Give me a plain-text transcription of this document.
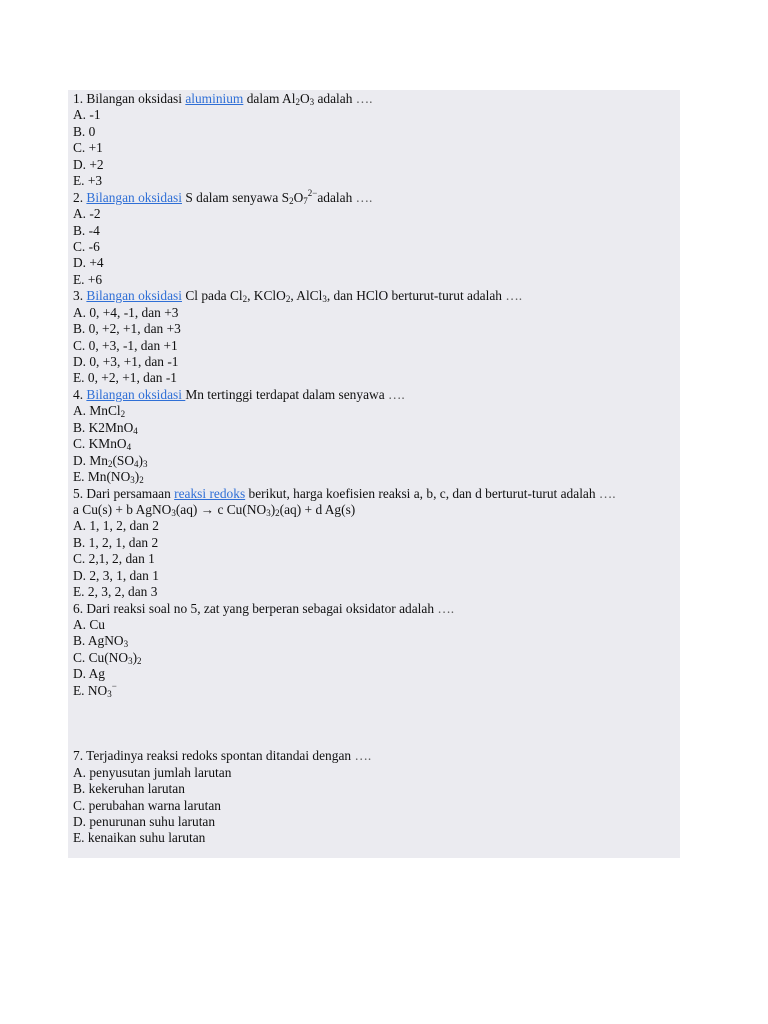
1. Bilangan oksidasi aluminium dalam $Al_2O_3$ adalah ….
A. -1
B. 0
C. +1
D. +2
E. +3
2. Bilangan oksidasi S dalam senyawa $S_2O_7^{2-}adalah$ ….
A. -2
B. -4
C. -6
D. +4
E. +6
3. Bilangan oksidasi Cl pada $Cl_2$, KClO$_2$, AlCl$_3$, dan HClO berturut-turut adalah ….
A. 0, +4, -1, dan +3
B. 0, +2, +1, dan +3
C. 0, +3, -1, dan +1
D. 0, +3, +1, dan -1
E. 0, +2, +1, dan -1
4. Bilangan oksidasi Mn tertinggi terdapat dalam senyawa ….
A. MnCl$_2$
B. K2MnO$_4$
C. KMnO$_4$
D. $Mn_2(SO_4)_3$
E. $Mn(NO_3)_2$
5. Dari persamaan reaksi redoks berikut, harga koefisien reaksi a, b, c, dan d berturut-turut adalah ….
a Cu(s) + b AgNO$_3$(aq) → c $Cu(NO_3)_2(aq) + d$ Ag(s)
A. 1, 1, 2, dan 2
B. 1, 2, 1, dan 2
C. 2,1, 2, dan 1
D. 2, 3, 1, dan 1
E. 2, 3, 2, dan 3
6. Dari reaksi soal no 5, zat yang berperan sebagai oksidator adalah ….
A. Cu
B. AgNO$_3$
C. $Cu(NO_3)_2$
D. Ag
E. $NO_3^-$
7. Terjadinya reaksi redoks spontan ditandai dengan ….
A. penyusutan jumlah larutan
B. kekeruhan larutan
C. perubahan warna larutan
D. penurunan suhu larutan
E. kenaikan suhu larutan
